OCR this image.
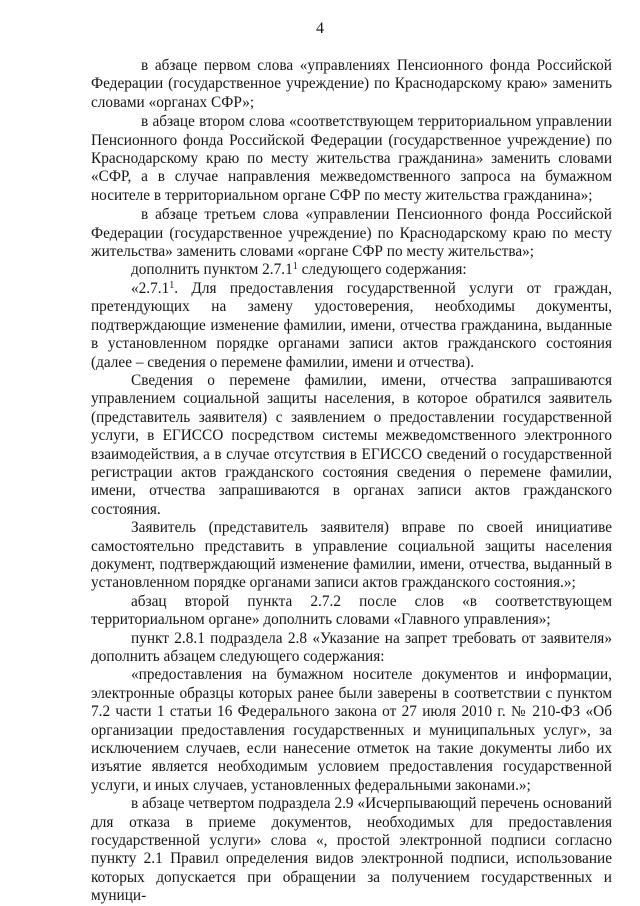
4

в абзаце первом слова «управлениях Пенсионного фонда Российской Федерации (государственное учреждение) по Краснодарскому краю» заменить словами «органах СФР»;

в абзаце втором слова «соответствующем территориальном управлении Пенсионного фонда Российской Федерации (государственное учреждение) по Краснодарскому краю по месту жительства гражданина» заменить словами «СФР, а в случае направления межведомственного запроса на бумажном носителе в территориальном органе СФР по месту жительства гражданина»;

в абзаце третьем слова «управлении Пенсионного фонда Российской Федерации (государственное учреждение) по Краснодарскому краю по месту жительства» заменить словами «органе СФР по месту жительства»;

дополнить пунктом 2.7.1$^1$ следующего содержания:

«2.7.1$^1$. Для предоставления государственной услуги от граждан, претендующих на замену удостоверения, необходимы документы, подтверждающие изменение фамилии, имени, отчества гражданина, выданные в установленном порядке органами записи актов гражданского состояния (далее – сведения о перемене фамилии, имени и отчества).

Сведения о перемене фамилии, имени, отчества запрашиваются управлением социальной защиты населения, в которое обратился заявитель (представитель заявителя) с заявлением о предоставлении государственной услуги, в ЕГИССО посредством системы межведомственного электронного взаимодействия, а в случае отсутствия в ЕГИССО сведений о государственной регистрации актов гражданского состояния сведения о перемене фамилии, имени, отчества запрашиваются в органах записи актов гражданского состояния.

Заявитель (представитель заявителя) вправе по своей инициативе самостоятельно представить в управление социальной защиты населения документ, подтверждающий изменение фамилии, имени, отчества, выданный в установленном порядке органами записи актов гражданского состояния.»;

абзац второй пункта 2.7.2 после слов «в соответствующем территориальном органе» дополнить словами «Главного управления»;

пункт 2.8.1 подраздела 2.8 «Указание на запрет требовать от заявителя» дополнить абзацем следующего содержания:

«предоставления на бумажном носителе документов и информации, электронные образцы которых ранее были заверены в соответствии с пунктом 7.2 части 1 статьи 16 Федерального закона от 27 июля 2010 г. № 210-ФЗ «Об организации предоставления государственных и муниципальных услуг», за исключением случаев, если нанесение отметок на такие документы либо их изъятие является необходимым условием предоставления государственной услуги, и иных случаев, установленных федеральными законами.»;

в абзаце четвертом подраздела 2.9 «Исчерпывающий перечень оснований для отказа в приеме документов, необходимых для предоставления государственной услуги» слова «, простой электронной подписи согласно пункту 2.1 Правил определения видов электронной подписи, использование которых допускается при обращении за получением государственных и муници-
